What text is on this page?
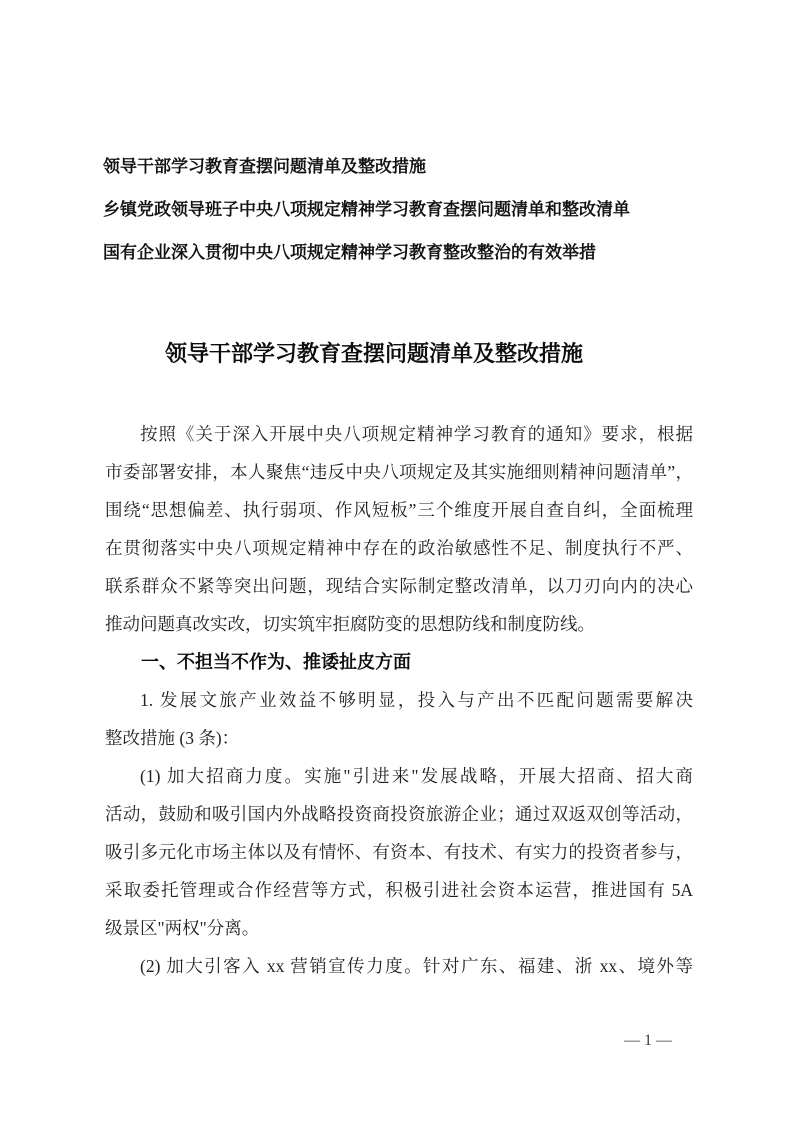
领导干部学习教育查摆问题清单及整改措施
乡镇党政领导班子中央八项规定精神学习教育查摆问题清单和整改清单
国有企业深入贯彻中央八项规定精神学习教育整改整治的有效举措
领导干部学习教育查摆问题清单及整改措施
按照《关于深入开展中央八项规定精神学习教育的通知》要求，根据
市委部署安排，本人聚焦“违反中央八项规定及其实施细则精神问题清单”，
围绕“思想偏差、执行弱项、作风短板”三个维度开展自查自纠，全面梳理
在贯彻落实中央八项规定精神中存在的政治敏感性不足、制度执行不严、
联系群众不紧等突出问题，现结合实际制定整改清单，以刀刃向内的决心
推动问题真改实改，切实筑牢拒腐防变的思想防线和制度防线。
一、不担当不作为、推诿扯皮方面
1. 发展文旅产业效益不够明显，投入与产出不匹配问题需要解决
整改措施 (3 条)：
(1) 加大招商力度。实施"引进来"发展战略，开展大招商、招大商
活动，鼓励和吸引国内外战略投资商投资旅游企业；通过双返双创等活动，
吸引多元化市场主体以及有情怀、有资本、有技术、有实力的投资者参与，
采取委托管理或合作经营等方式，积极引进社会资本运营，推进国有 5A
级景区"两权"分离。
(2) 加大引客入 xx 营销宣传力度。针对广东、福建、浙 xx、境外等
— 1 —
